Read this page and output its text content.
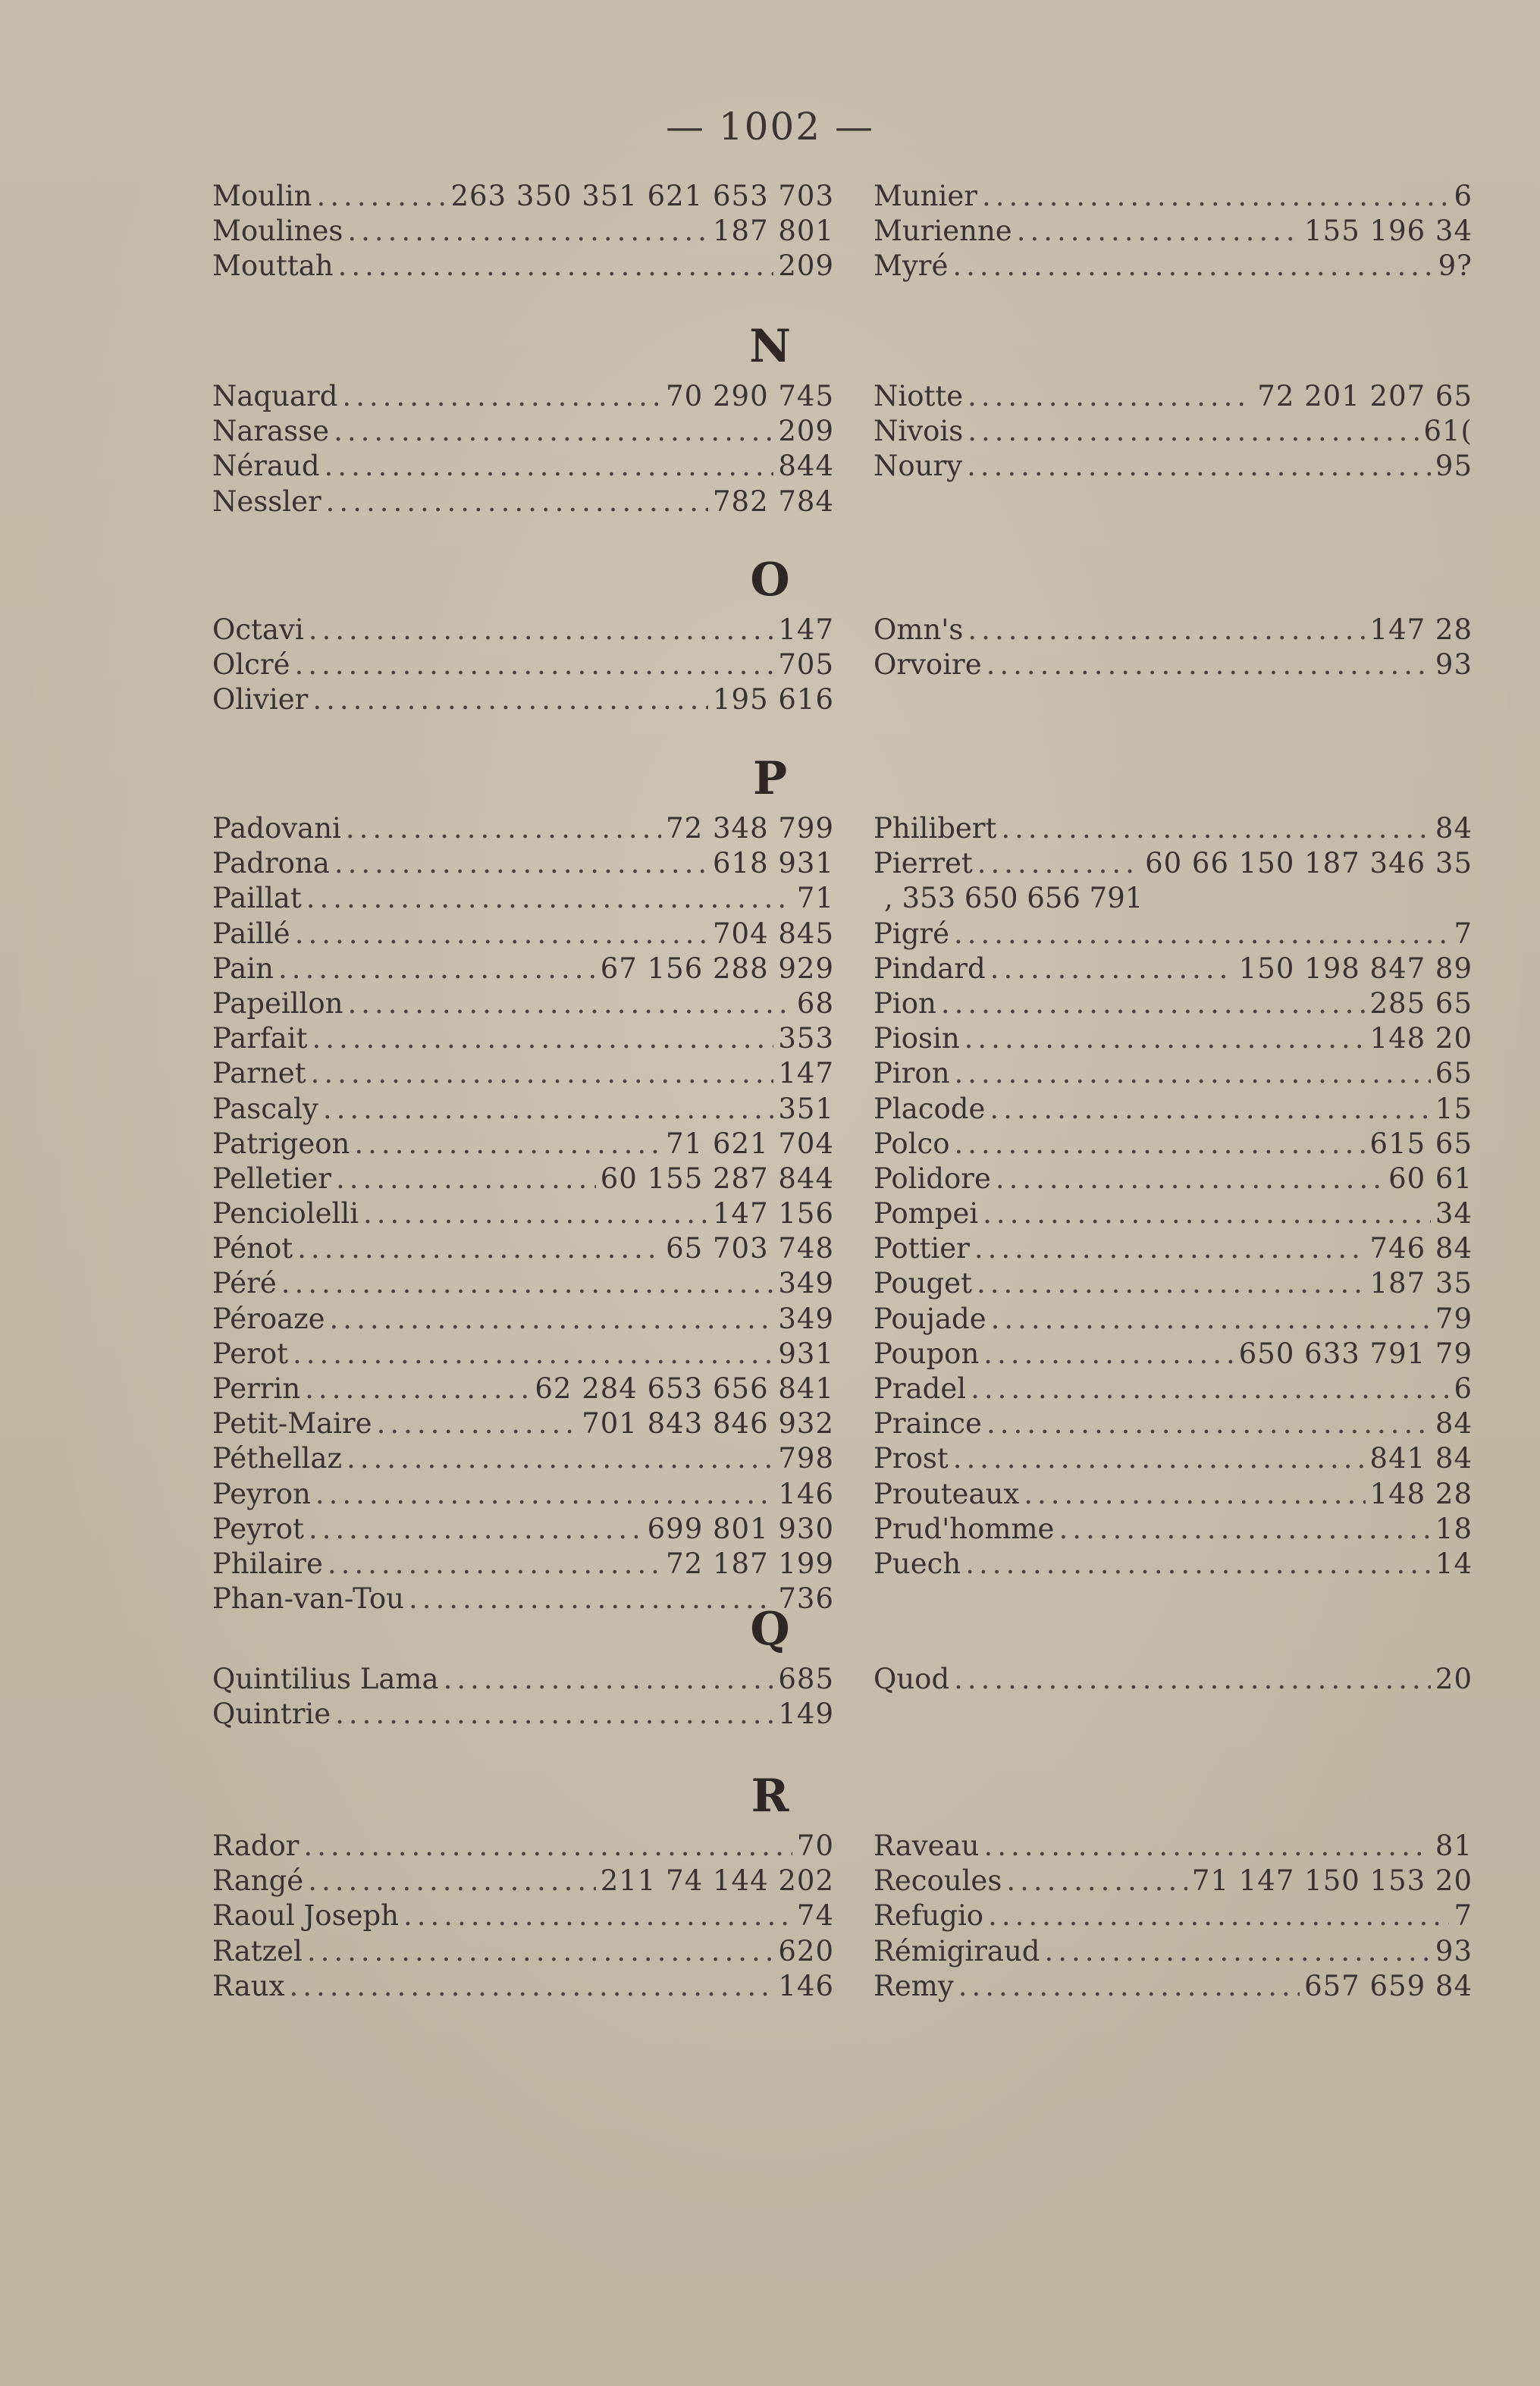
— 1002 —
Moulin .....	263 350 351 621 653 703
Moulines .....	187 801
Mouttah .....	209
Munier .....	6
Murienne .....	155 196 34
Myré .....	9?
Naquard .....	70 290 745
Narasse .....	209
Néraud .....	844
Nessler .....	782 784
Niotte .....	72 201 207 65
Nivois .....	61(
Noury .....	95
Octavi .....	147
Olcré .....	705
Olivier .....	195 616
Omn's .....	147 28
Orvoire .....	93
Padovani .....	72 348 799
Padrona .....	618 931
Paillat .....	71
Paillé .....	704 845
Pain .....	67 156 288 929
Papeillon .....	68
Parfait .....	353
Parnet .....	147
Pascaly .....	351
Patrigeon .....	71 621 704
Pelletier .....	60 155 287 844
Penciolelli .....	147 156
Pénot .....	65 703 748
Péré .....	349
Péroaze .....	349
Perot .....	931
Perrin .....	62 284 653 656 841
Petit-Maire .....	701 843 846 932
Péthellaz .....	798
Peyron .....	146
Peyrot .....	699 801 930
Philaire .....	72 187 199
Phan-van-Tou .....	736
Philibert .....	84
Pierret .....	60 66 150 187 346 35
, 353 650 656 791
Pigré .....	7
Pindard .....	150 198 847 89
Pion .....	285 65
Piosin .....	148 20
Piron .....	65
Placode .....	15
Polco .....	615 65
Polidore .....	60 61
Pompei .....	34
Pottier .....	746 84
Pouget .....	187 35
Poujade .....	79
Poupon .....	650 633 791 79
Pradel .....	6
Praince .....	84
Prost .....	841 84
Prouteaux .....	148 28
Prud'homme .....	18
Puech .....	14
Quintilius Lama .....	685
Quintrie .....	149
Quod .....	20
Rador .....	70
Rangé .....	211 74 144 202
Raoul Joseph .....	74
Ratzel .....	620
Raux .....	146
Raveau .....	81
Recoules .....	71 147 150 153 20
Refugio .....	7
Rémigiraud .....	93
Remy .....	657 659 84
N
O
P
Q
R
